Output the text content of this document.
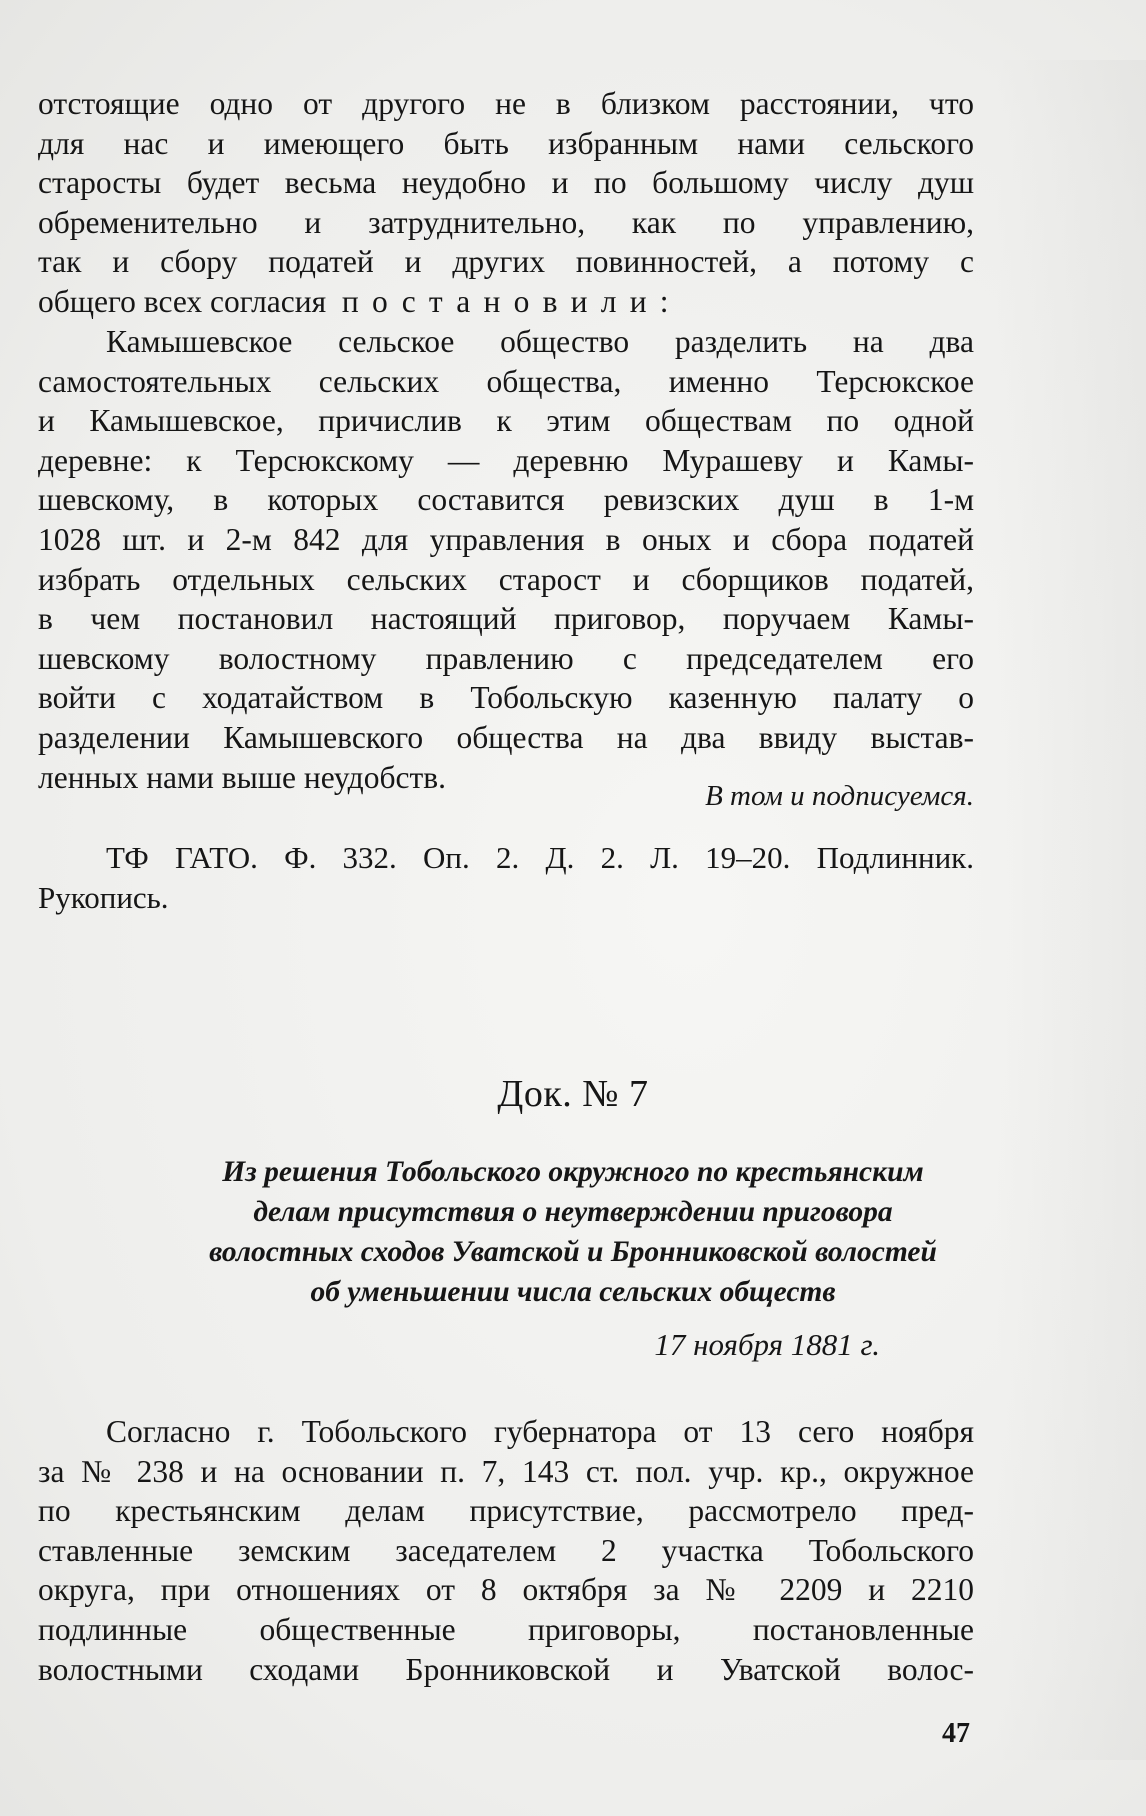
отстоящие одно от другого не в близком расстоянии, что
для нас и имеющего быть избранным нами сельского
старосты будет весьма неудобно и по большому числу душ
обременительно и затруднительно, как по управлению,
так и сбору податей и других повинностей, а потому с
общего всех согласия постановили:
Камышевское сельское общество разделить на два
самостоятельных сельских общества, именно Терсюкское
и Камышевское, причислив к этим обществам по одной
деревне: к Терсюкскому — деревню Мурашеву и Камы-
шевскому, в которых составится ревизских душ в 1-м
1028 шт. и 2-м 842 для управления в оных и сбора податей
избрать отдельных сельских старост и сборщиков податей,
в чем постановил настоящий приговор, поручаем Камы-
шевскому волостному правлению с председателем его
войти с ходатайством в Тобольскую казенную палату о
разделении Камышевского общества на два ввиду выстав-
ленных нами выше неудобств.
В том и подписуемся.
ТФ ГАТО. Ф. 332. Оп. 2. Д. 2. Л. 19–20. Подлинник.
Рукопись.
Док. № 7
Из решения Тобольского окружного по крестьянским
делам присутствия о неутверждении приговора
волостных сходов Уватской и Бронниковской волостей
об уменьшении числа сельских обществ
17 ноября 1881 г.
Согласно г. Тобольского губернатора от 13 сего ноября
за № 238 и на основании п. 7, 143 ст. пол. учр. кр., окружное
по крестьянским делам присутствие, рассмотрело пред-
ставленные земским заседателем 2 участка Тобольского
округа, при отношениях от 8 октября за № 2209 и 2210
подлинные общественные приговоры, постановленные
волостными сходами Бронниковской и Уватской волос-
47
